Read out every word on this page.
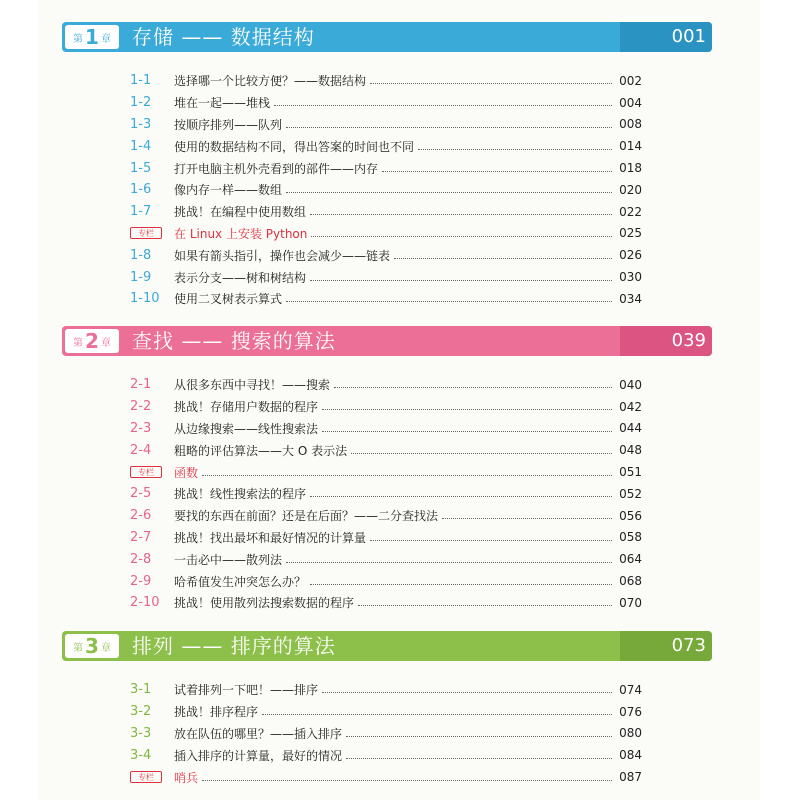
第 1 章 存储 —— 数据结构	001
1-1	选择哪一个比较方便？——数据结构	002
1-2	堆在一起——堆栈	004
1-3	按顺序排列——队列	008
1-4	使用的数据结构不同，得出答案的时间也不同	014
1-5	打开电脑主机外壳看到的部件——内存	018
1-6	像内存一样——数组	020
1-7	挑战！在编程中使用数组	022
专栏	在 Linux 上安装 Python	025
1-8	如果有箭头指引，操作也会减少——链表	026
1-9	表示分支——树和树结构	030
1-10	使用二叉树表示算式	034
第 2 章 查找 —— 搜索的算法	039
2-1	从很多东西中寻找！——搜索	040
2-2	挑战！存储用户数据的程序	042
2-3	从边缘搜索——线性搜索法	044
2-4	粗略的评估算法——大 O 表示法	048
专栏	函数	051
2-5	挑战！线性搜索法的程序	052
2-6	要找的东西在前面？还是在后面？——二分查找法	056
2-7	挑战！找出最坏和最好情况的计算量	058
2-8	一击必中——散列法	064
2-9	哈希值发生冲突怎么办？	068
2-10	挑战！使用散列法搜索数据的程序	070
第 3 章 排列 —— 排序的算法	073
3-1	试着排列一下吧！——排序	074
3-2	挑战！排序程序	076
3-3	放在队伍的哪里？——插入排序	080
3-4	插入排序的计算量，最好的情况	084
专栏	哨兵	087
